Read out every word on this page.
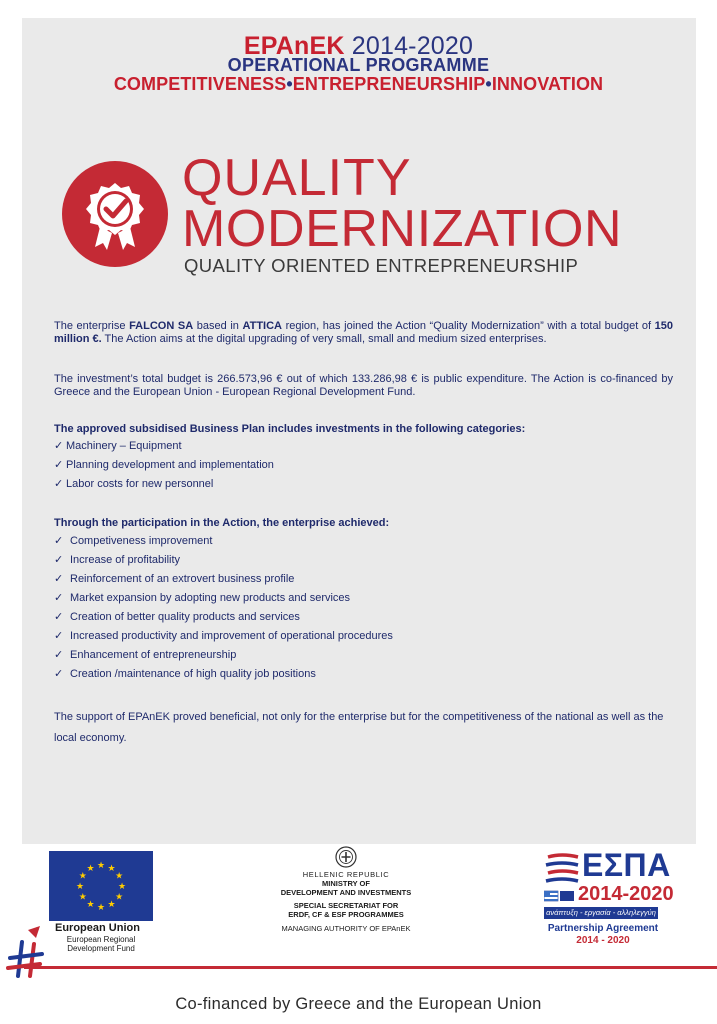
EPAnEK 2014-2020
OPERATIONAL PROGRAMME
COMPETITIVENESS•ENTREPRENEURSHIP•INNOVATION
QUALITY
MODERNIZATION
QUALITY ORIENTED ENTREPRENEURSHIP
The enterprise FALCON SA based in ATTICA region, has joined the Action “Quality Modernization” with a total budget of 150 million €. The Action aims at the digital upgrading of very small, small and medium sized enterprises.
The investment’s total budget is 266.573,96 € out of which 133.286,98 € is public expenditure. The Action is co-financed by Greece and the European Union - European Regional Development Fund.
The approved subsidised Business Plan includes investments in the following categories:
✓ Machinery – Equipment
✓ Planning development and implementation
✓ Labor costs for new personnel
Through the participation in the Action, the enterprise achieved:
✓ Competiveness improvement
✓ Increase of profitability
✓ Reinforcement of an extrovert business profile
✓ Market expansion by adopting new products and services
✓ Creation of better quality products and services
✓ Increased productivity and improvement of operational procedures
✓ Enhancement of entrepreneurship
✓ Creation /maintenance of high quality job positions
The support of EPAnEK proved beneficial, not only for the enterprise but for the competitiveness of the national as well as the local economy.
★ ★
★
★
★
★
★
★
★
★
★
★
European Union
European Regional
Development Fund
HELLENIC REPUBLIC
MINISTRY OF
DEVELOPMENT AND INVESTMENTS
SPECIAL SECRETARIAT FOR
ERDF, CF & ESF PROGRAMMES
MANAGING AUTHORITY OF EPAnEK
ΕΣΠΑ
2014-2020
ανάπτυξη - εργασία - αλληλεγγύη
Partnership Agreement
2014 - 2020
Co-financed by Greece and the European Union
